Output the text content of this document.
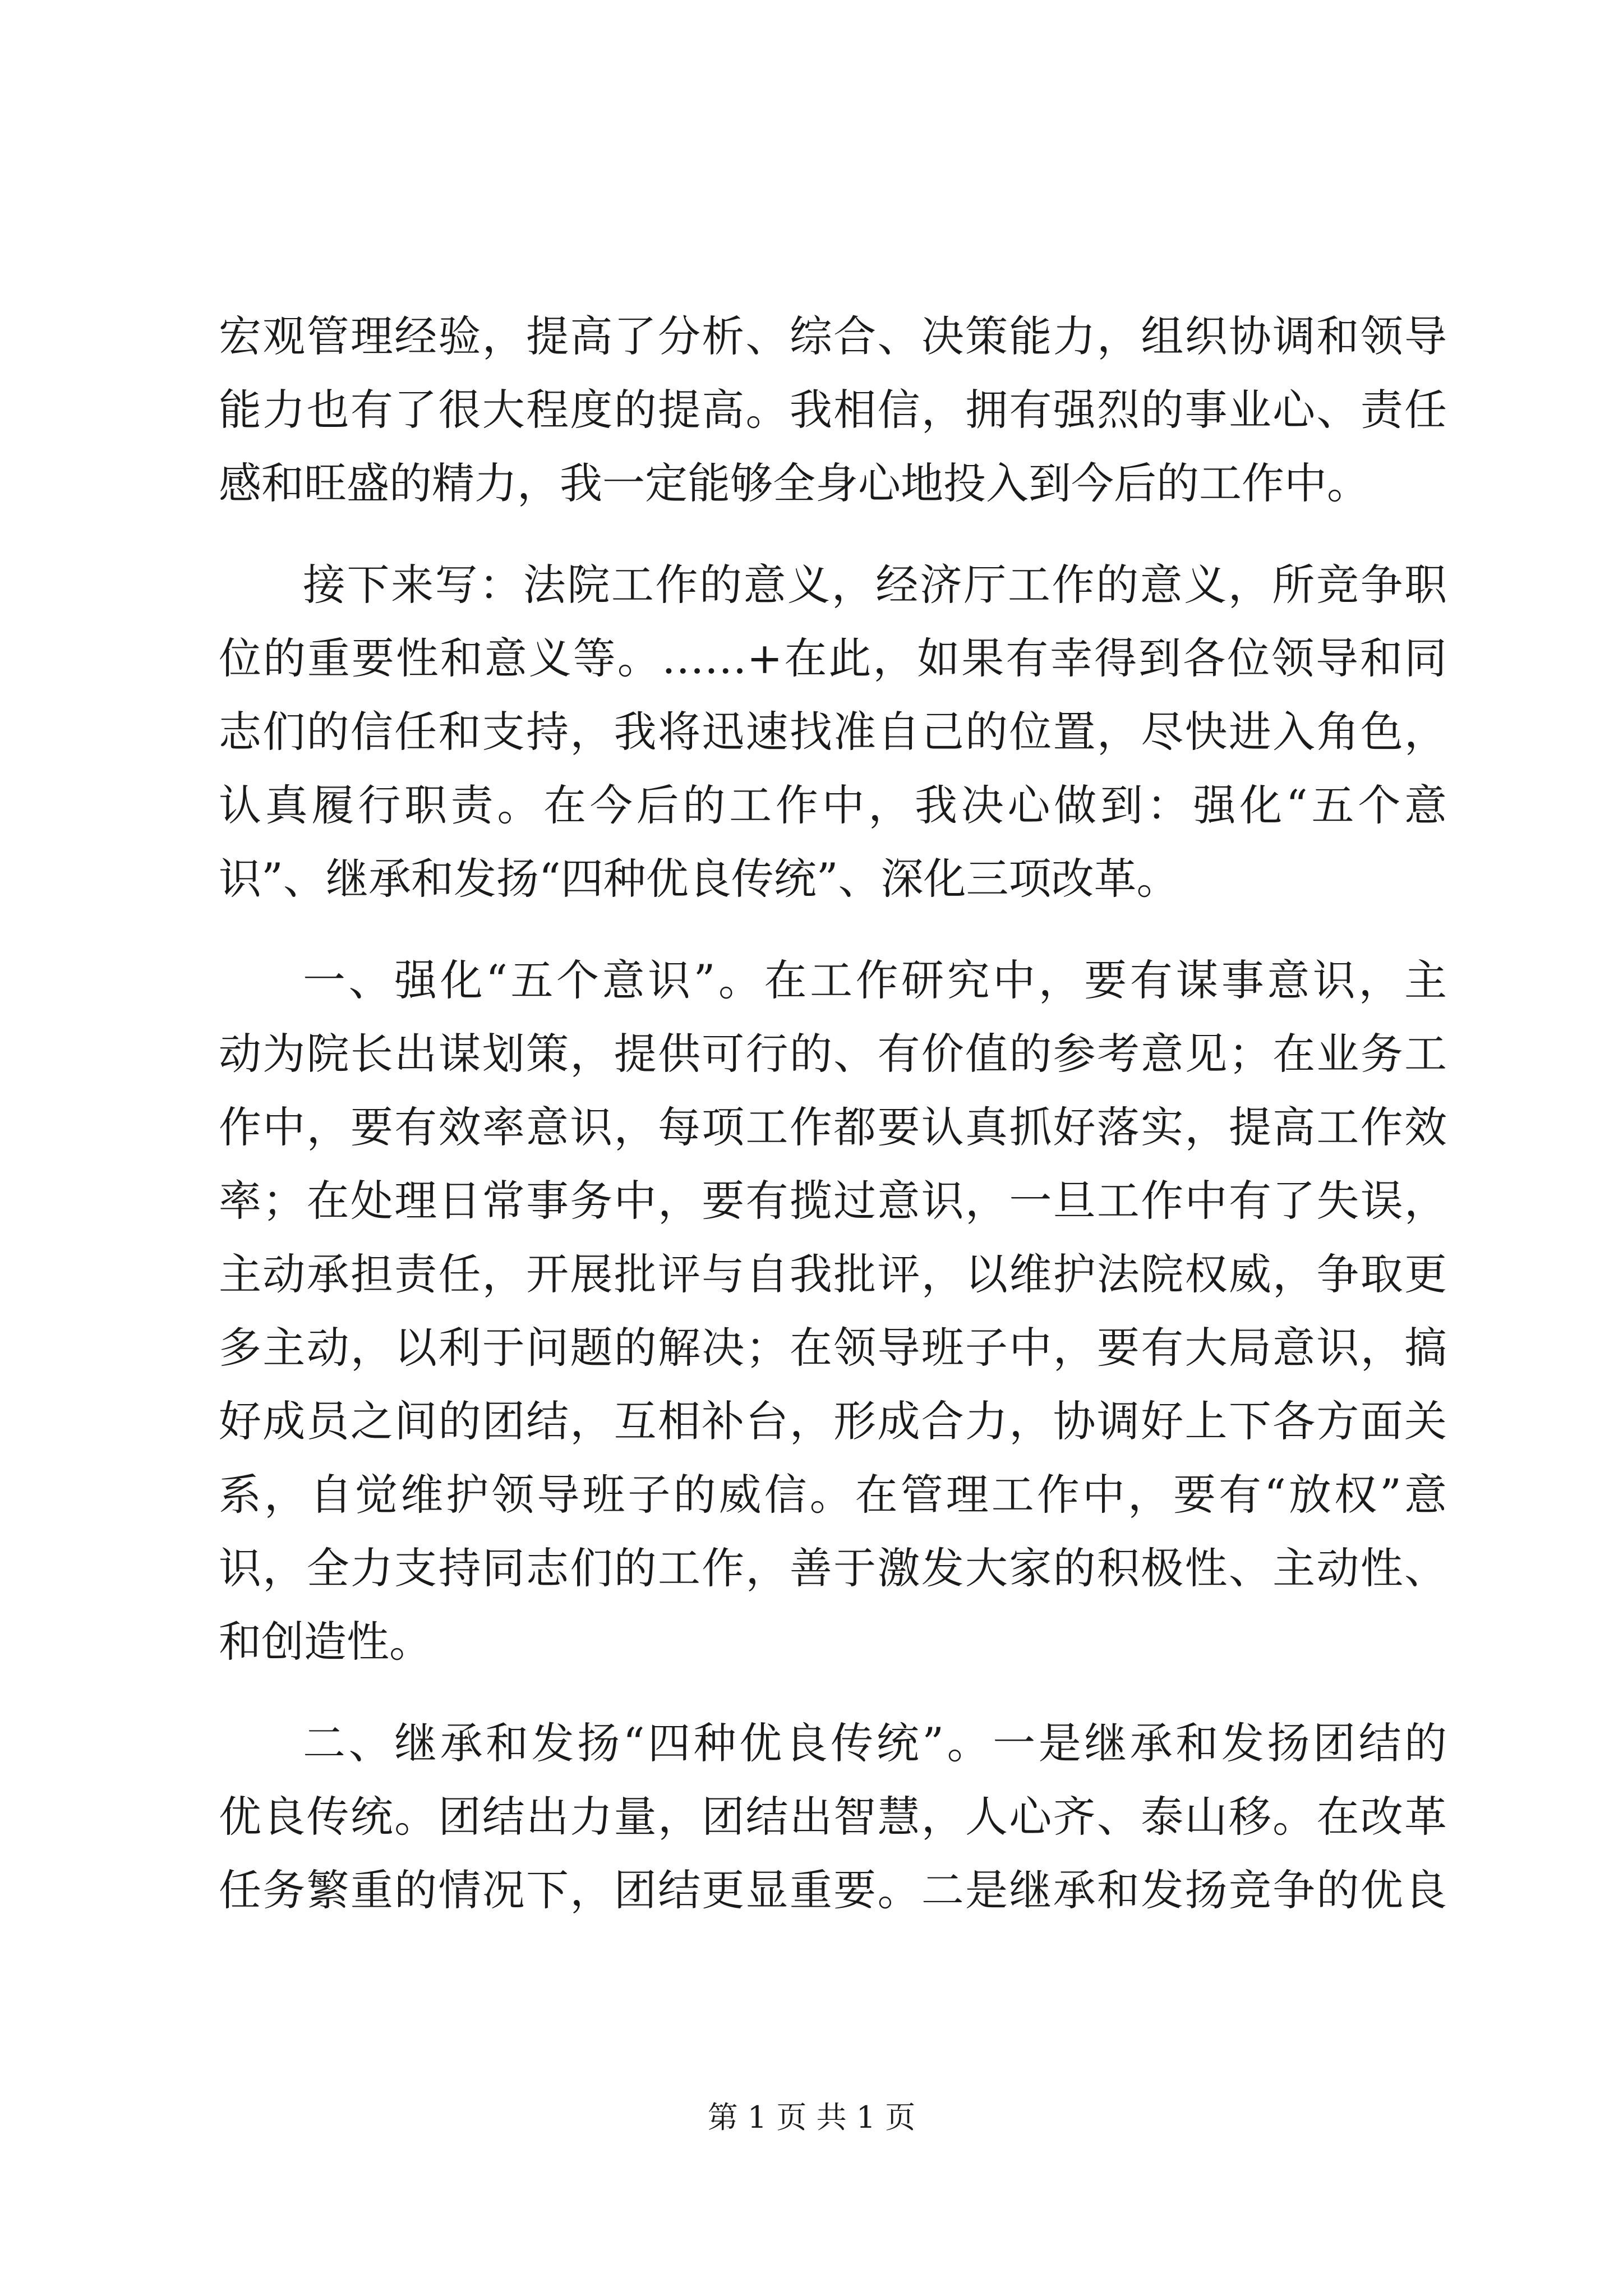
宏观管理经验，提高了分析、综合、决策能力，组织协调和领导
能力也有了很大程度的提高。我相信，拥有强烈的事业心、责任
感和旺盛的精力，我一定能够全身心地投入到今后的工作中。
接下来写：法院工作的意义，经济厅工作的意义，所竞争职
位的重要性和意义等。……+在此，如果有幸得到各位领导和同
志们的信任和支持，我将迅速找准自己的位置，尽快进入角色，
认真履行职责。在今后的工作中，我决心做到：强化“五个意
识”、继承和发扬“四种优良传统”、深化三项改革。
一、强化“五个意识”。在工作研究中，要有谋事意识，主
动为院长出谋划策，提供可行的、有价值的参考意见；在业务工
作中，要有效率意识，每项工作都要认真抓好落实，提高工作效
率；在处理日常事务中，要有揽过意识，一旦工作中有了失误，
主动承担责任，开展批评与自我批评，以维护法院权威，争取更
多主动，以利于问题的解决；在领导班子中，要有大局意识，搞
好成员之间的团结，互相补台，形成合力，协调好上下各方面关
系，自觉维护领导班子的威信。在管理工作中，要有“放权”意
识，全力支持同志们的工作，善于激发大家的积极性、主动性、
和创造性。
二、继承和发扬“四种优良传统”。一是继承和发扬团结的
优良传统。团结出力量，团结出智慧，人心齐、泰山移。在改革
任务繁重的情况下，团结更显重要。二是继承和发扬竞争的优良
第 1 页 共 1 页
